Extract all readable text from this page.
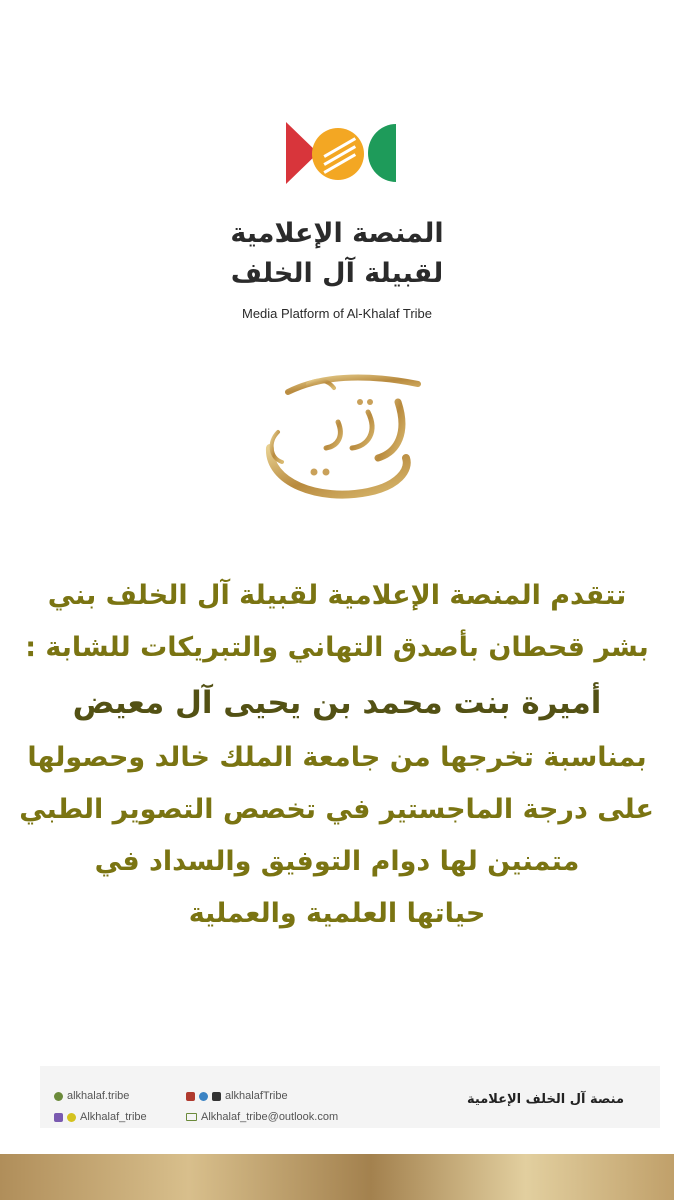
المنصة الإعلامية
لقبيلة آل الخلف
Media Platform of Al-Khalaf Tribe
تتقدم المنصة الإعلامية لقبيلة آل الخلف بني
بشر قحطان بأصدق التهاني والتبريكات للشابة :
أميرة بنت محمد بن يحيى آل معيض
بمناسبة تخرجها من جامعة الملك خالد وحصولها
على درجة الماجستير في تخصص التصوير الطبي
متمنين لها دوام التوفيق والسداد في
حياتها العلمية والعملية
alkhalaf.tribe	alkhalafTribe
Alkhalaf_tribe	Alkhalaf_tribe@outlook.com
منصة آل الخلف الإعلامية
